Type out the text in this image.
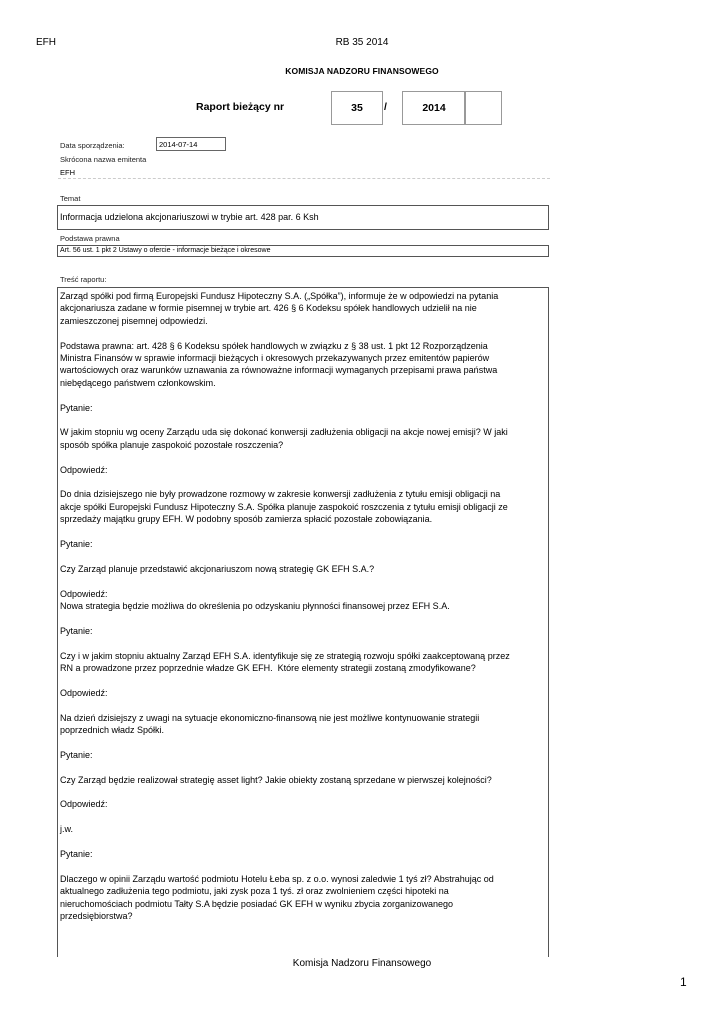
EFH	RB 35 2014
KOMISJA NADZORU FINANSOWEGO
Raport bieżący nr	35	/	2014
Data sporządzenia:	2014-07-14
Skrócona nazwa emitenta
EFH
Temat
Informacja udzielona akcjonariuszowi w trybie art. 428 par. 6 Ksh
Podstawa prawna
Art. 56 ust. 1 pkt 2 Ustawy o ofercie - informacje bieżące i okresowe
Treść raportu:

Zarząd spółki pod firmą Europejski Fundusz Hipoteczny S.A. („Spółka”), informuje że w odpowiedzi na pytania
akcjonariusza zadane w formie pisemnej w trybie art. 426 § 6 Kodeksu spółek handlowych udzielił na nie
zamieszczonej pisemnej odpowiedzi.

Podstawa prawna: art. 428 § 6 Kodeksu spółek handlowych w związku z § 38 ust. 1 pkt 12 Rozporządzenia
Ministra Finansów w sprawie informacji bieżących i okresowych przekazywanych przez emitentów papierów
wartościowych oraz warunków uznawania za równoważne informacji wymaganych przepisami prawa państwa
niebędącego państwem członkowskim.

Pytanie:

W jakim stopniu wg oceny Zarządu uda się dokonać konwersji zadłużenia obligacji na akcje nowej emisji? W jaki
sposób spółka planuje zaspokoić pozostałe roszczenia?

Odpowiedź:

Do dnia dzisiejszego nie były prowadzone rozmowy w zakresie konwersji zadłużenia z tytułu emisji obligacji na
akcje spółki Europejski Fundusz Hipoteczny S.A. Spółka planuje zaspokoić roszczenia z tytułu emisji obligacji ze
sprzedaży majątku grupy EFH. W podobny sposób zamierza spłacić pozostałe zobowiązania.

Pytanie:

Czy Zarząd planuje przedstawić akcjonariuszom nową strategię GK EFH S.A.?

Odpowiedź:
Nowa strategia będzie możliwa do określenia po odzyskaniu płynności finansowej przez EFH S.A.

Pytanie:

Czy i w jakim stopniu aktualny Zarząd EFH S.A. identyfikuje się ze strategią rozwoju spółki zaakceptowaną przez
RN a prowadzone przez poprzednie władze GK EFH.  Które elementy strategii zostaną zmodyfikowane?

Odpowiedź:

Na dzień dzisiejszy z uwagi na sytuacje ekonomiczno-finansową nie jest możliwe kontynuowanie strategii
poprzednich władz Spółki.

Pytanie:

Czy Zarząd będzie realizował strategię asset light? Jakie obiekty zostaną sprzedane w pierwszej kolejności?

Odpowiedź:

j.w.

Pytanie:

Dlaczego w opinii Zarządu wartość podmiotu Hotelu Łeba sp. z o.o. wynosi zaledwie 1 tyś zł? Abstrahując od
aktualnego zadłużenia tego podmiotu, jaki zysk poza 1 tyś. zł oraz zwolnieniem części hipoteki na
nieruchomościach podmiotu Tałty S.A będzie posiadać GK EFH w wyniku zbycia zorganizowanego
przedsiębiorstwa?

Komisja Nadzoru Finansowego
1
